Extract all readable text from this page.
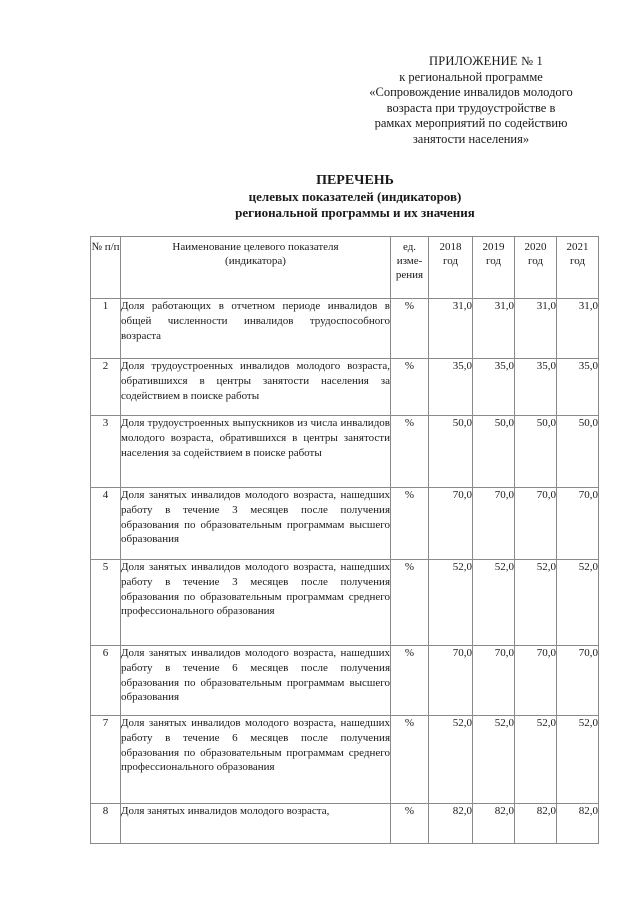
ПРИЛОЖЕНИЕ № 1
к региональной программе
«Сопровождение инвалидов молодого
возраста при трудоустройстве в
рамках мероприятий по содействию
занятости населения»
ПЕРЕЧЕНЬ
целевых показателей (индикаторов)
региональной программы и их значения
№ п/п	Наименование целевого показателя (индикатора)	ед. изме-рения	2018 год	2019 год	2020 год	2021 год
1	Доля работающих в отчетном периоде инвалидов в общей численности инвалидов трудоспособного возраста	%	31,0	31,0	31,0	31,0
2	Доля трудоустроенных инвалидов молодого возраста, обратившихся в центры занятости населения за содействием в поиске работы	%	35,0	35,0	35,0	35,0
3	Доля трудоустроенных выпускников из числа инвалидов молодого возраста, обратившихся в центры занятости населения за содействием в поиске работы	%	50,0	50,0	50,0	50,0
4	Доля занятых инвалидов молодого возраста, нашедших работу в течение 3 месяцев после получения образования по образовательным программам высшего образования	%	70,0	70,0	70,0	70,0
5	Доля занятых инвалидов молодого возраста, нашедших работу в течение 3 месяцев после получения образования по образовательным программам среднего профессионального образования	%	52,0	52,0	52,0	52,0
6	Доля занятых инвалидов молодого возраста, нашедших работу в течение 6 месяцев после получения образования по образовательным программам высшего образования	%	70,0	70,0	70,0	70,0
7	Доля занятых инвалидов молодого возраста, нашедших работу в течение 6 месяцев после получения образования по образовательным программам среднего профессионального образования	%	52,0	52,0	52,0	52,0
8	Доля занятых инвалидов молодого возраста,	%	82,0	82,0	82,0	82,0
